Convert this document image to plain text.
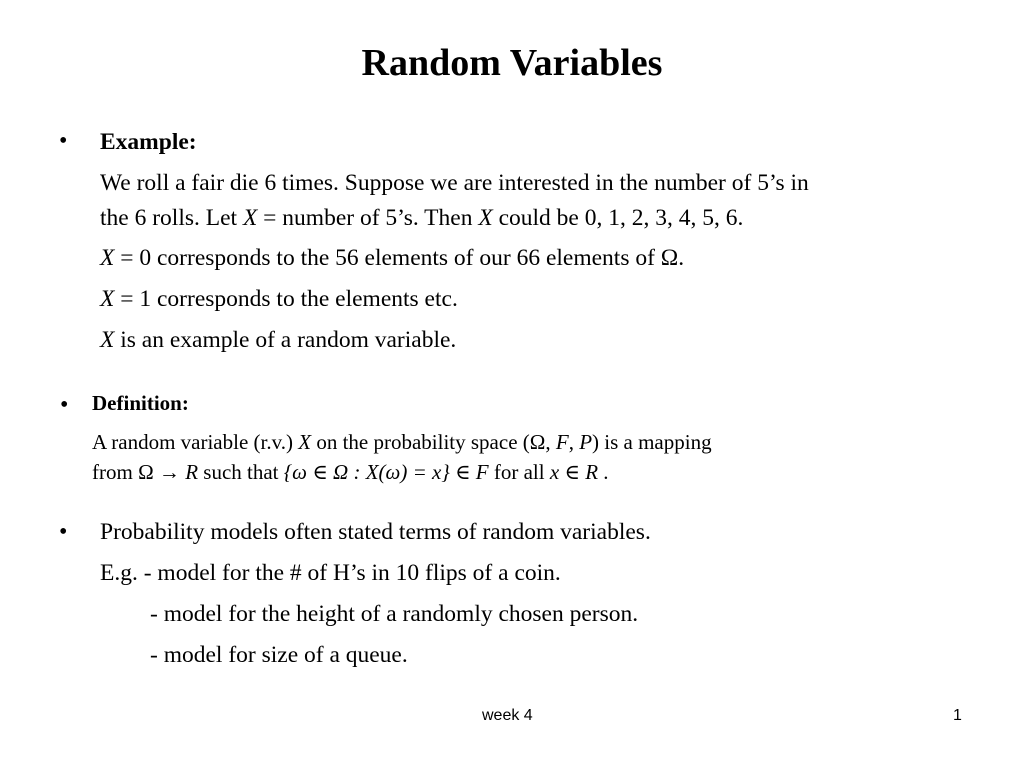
Random Variables
• Example:
We roll a fair die 6 times. Suppose we are interested in the number of 5’s in
the 6 rolls. Let X = number of 5’s. Then X could be 0, 1, 2, 3, 4, 5, 6.
X = 0 corresponds to the 56 elements of our 66 elements of Ω.
X = 1 corresponds to the elements etc.
X is an example of a random variable.
• Definition:
A random variable (r.v.) X on the probability space (Ω, F, P) is a mapping
from Ω → R such that {ω ∈ Ω : X(ω) = x} ∈ F for all x ∈ R .
• Probability models often stated terms of random variables.
E.g. - model for the # of H’s in 10 flips of a coin.
- model for the height of a randomly chosen person.
- model for size of a queue.
week 4	1
